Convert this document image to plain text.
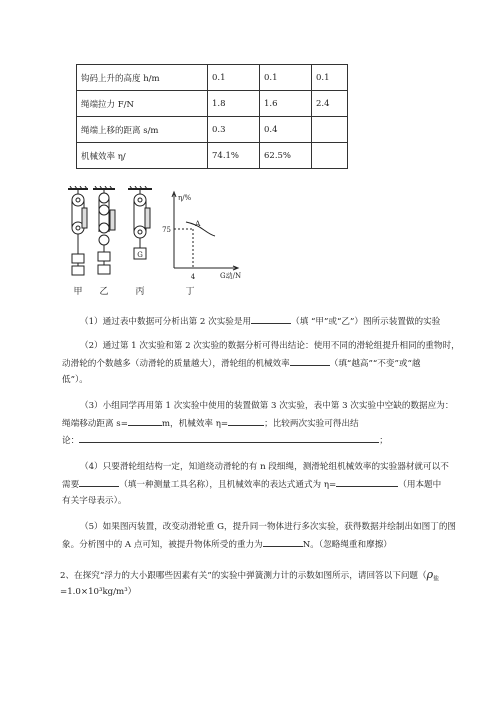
钩码上升的高度 h/m	0.1	0.1	0.1
绳端拉力 F/N	1.8	1.6	2.4
绳端上移的距离 s/m	0.3	0.4	
机械效率 η/	74.1%	62.5%	
G
η/%
A
75
4	G动/N
甲 乙	丙	丁
（1）通过表中数据可分析出第 2 次实验是用	（填 “甲”或“乙”）图所示装置做的实验
（2）通过第 1 次实验和第 2 次实验的数据分析可得出结论：使用不同的滑轮组提升相同的重物时，
动滑轮的个数越多（动滑轮的质量越大），滑轮组的机械效率	（填“越高”“不变”或“越
低”）。
（3）小组同学再用第 1 次实验中使用的装置做第 3 次实验，表中第 3 次实验中空缺的数据应为：
绳端移动距离 s=	m，机械效率 η=	；比较两次实验可得出结
论：	；
（4）只要滑轮组结构一定，知道绕动滑轮的有 n 段细绳，测滑轮组机械效率的实验器材就可以不
需要	（填一种测量工具名称），且机械效率的表达式通式为 η=	（用本题中
有关字母表示）。
（5）如果图丙装置，改变动滑轮重 G，提升同一物体进行多次实验，获得数据并绘制出如图丁的图
象。分析图中的 A 点可知，被提升物体所受的重力为	N。（忽略绳重和摩擦）
2、在探究“浮力的大小跟哪些因素有关”的实验中弹簧测力计的示数如图所示，请回答以下问题（$\rho_盐$
=1.0×10³kg/m³）
